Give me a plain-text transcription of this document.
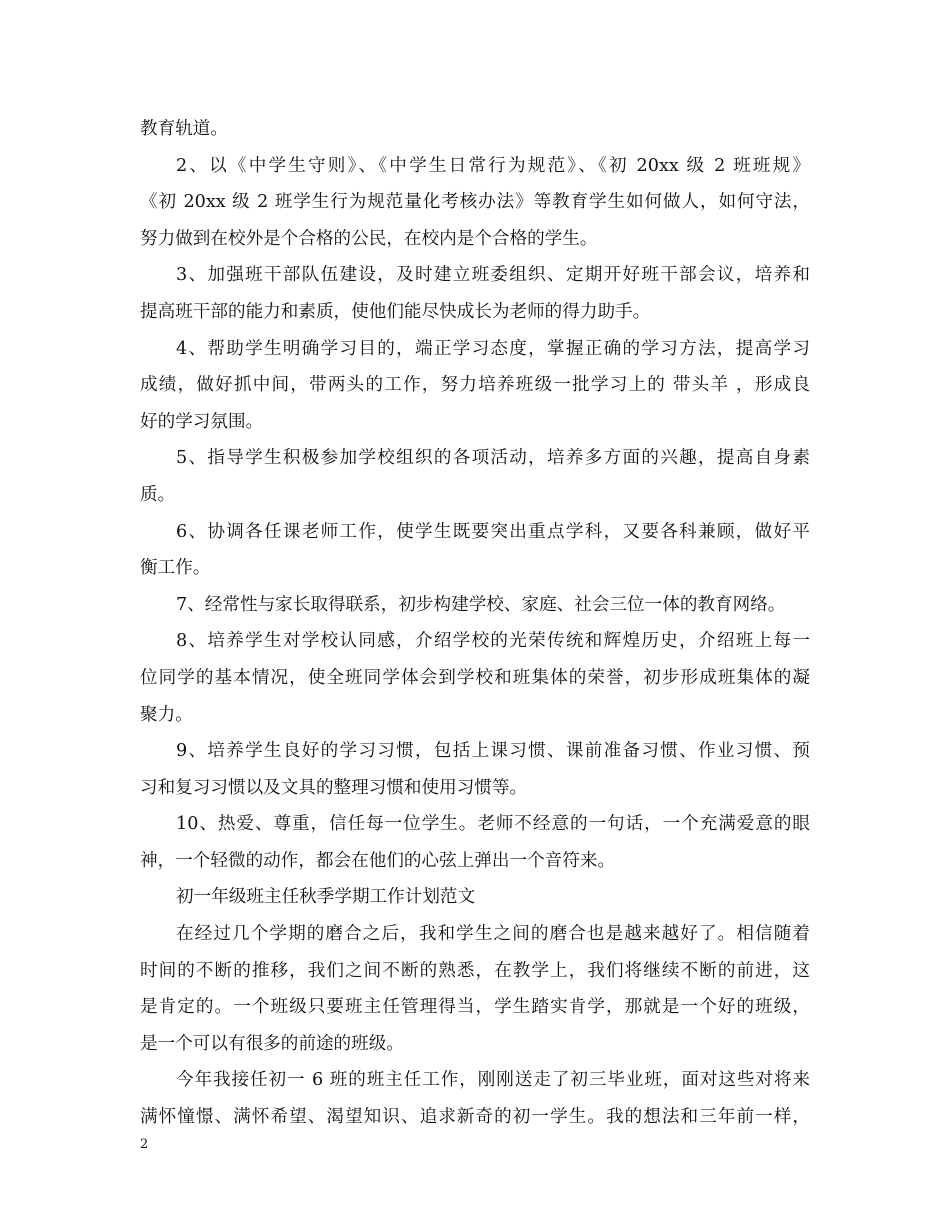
教育轨道。
2、以《中学生守则》、《中学生日常行为规范》、《初 20xx 级 2 班班规》
《初 20xx 级 2 班学生行为规范量化考核办法》等教育学生如何做人，如何守法，
努力做到在校外是个合格的公民，在校内是个合格的学生。
3、加强班干部队伍建设，及时建立班委组织、定期开好班干部会议，培养和
提高班干部的能力和素质，使他们能尽快成长为老师的得力助手。
4、帮助学生明确学习目的，端正学习态度，掌握正确的学习方法，提高学习
成绩，做好抓中间，带两头的工作，努力培养班级一批学习上的 带头羊 ，形成良
好的学习氛围。
5、指导学生积极参加学校组织的各项活动，培养多方面的兴趣，提高自身素
质。
6、协调各任课老师工作，使学生既要突出重点学科，又要各科兼顾，做好平
衡工作。
7、经常性与家长取得联系，初步构建学校、家庭、社会三位一体的教育网络。
8、培养学生对学校认同感，介绍学校的光荣传统和辉煌历史，介绍班上每一
位同学的基本情况，使全班同学体会到学校和班集体的荣誉，初步形成班集体的凝
聚力。
9、培养学生良好的学习习惯，包括上课习惯、课前准备习惯、作业习惯、预
习和复习习惯以及文具的整理习惯和使用习惯等。
10、热爱、尊重，信任每一位学生。老师不经意的一句话，一个充满爱意的眼
神，一个轻微的动作，都会在他们的心弦上弹出一个音符来。
初一年级班主任秋季学期工作计划范文
在经过几个学期的磨合之后，我和学生之间的磨合也是越来越好了。相信随着
时间的不断的推移，我们之间不断的熟悉，在教学上，我们将继续不断的前进，这
是肯定的。一个班级只要班主任管理得当，学生踏实肯学，那就是一个好的班级，
是一个可以有很多的前途的班级。
今年我接任初一 6 班的班主任工作，刚刚送走了初三毕业班，面对这些对将来
满怀憧憬、满怀希望、渴望知识、追求新奇的初一学生。我的想法和三年前一样，
2
